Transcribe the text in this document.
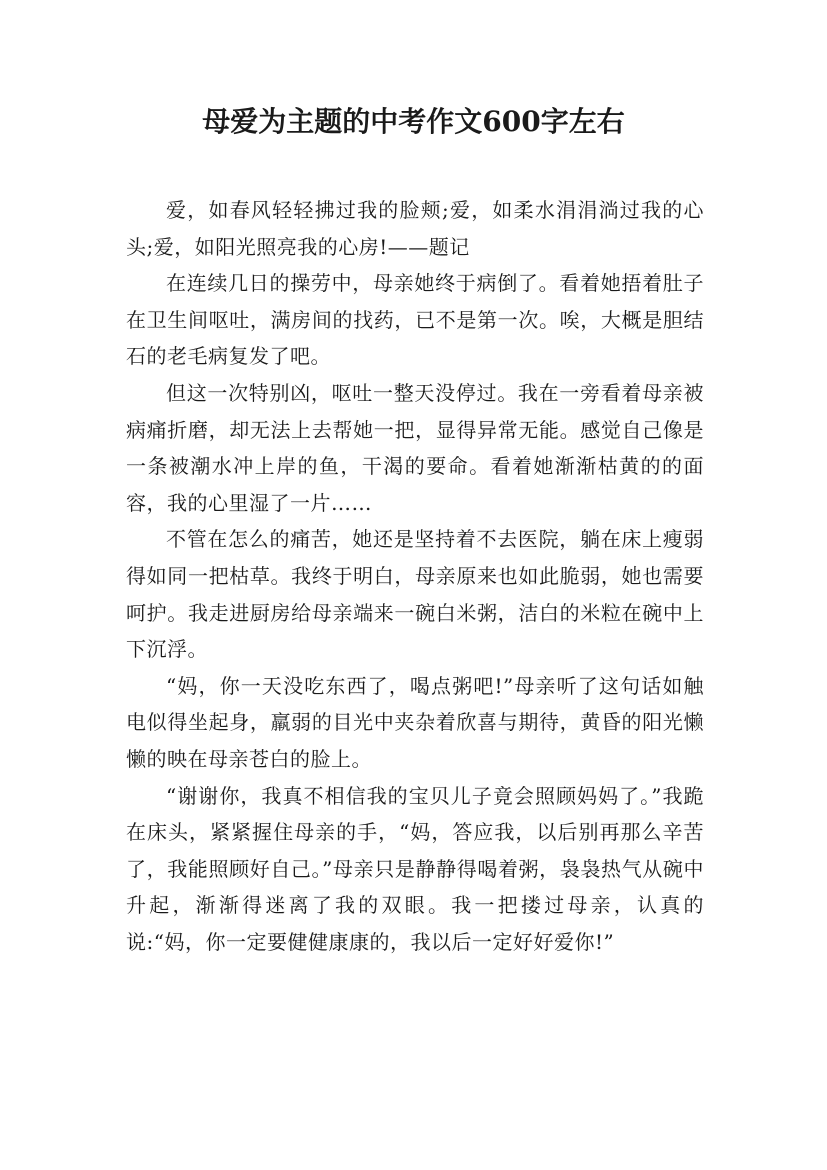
母爱为主题的中考作文600字左右

爱，如春风轻轻拂过我的脸颊;爱，如柔水涓涓淌过我的心头;爱，如阳光照亮我的心房!——题记

在连续几日的操劳中，母亲她终于病倒了。看着她捂着肚子在卫生间呕吐，满房间的找药，已不是第一次。唉，大概是胆结石的老毛病复发了吧。

但这一次特别凶，呕吐一整天没停过。我在一旁看着母亲被病痛折磨，却无法上去帮她一把，显得异常无能。感觉自己像是一条被潮水冲上岸的鱼，干渴的要命。看着她渐渐枯黄的的面容，我的心里湿了一片……

不管在怎么的痛苦，她还是坚持着不去医院，躺在床上瘦弱得如同一把枯草。我终于明白，母亲原来也如此脆弱，她也需要呵护。我走进厨房给母亲端来一碗白米粥，洁白的米粒在碗中上下沉浮。

“妈，你一天没吃东西了，喝点粥吧!”母亲听了这句话如触电似得坐起身，羸弱的目光中夹杂着欣喜与期待，黄昏的阳光懒懒的映在母亲苍白的脸上。

“谢谢你，我真不相信我的宝贝儿子竟会照顾妈妈了。”我跪在床头，紧紧握住母亲的手，“妈，答应我，以后别再那么辛苦了，我能照顾好自己。”母亲只是静静得喝着粥，袅袅热气从碗中升起，渐渐得迷离了我的双眼。我一把搂过母亲，认真的说:“妈，你一定要健健康康的，我以后一定好好爱你!”
